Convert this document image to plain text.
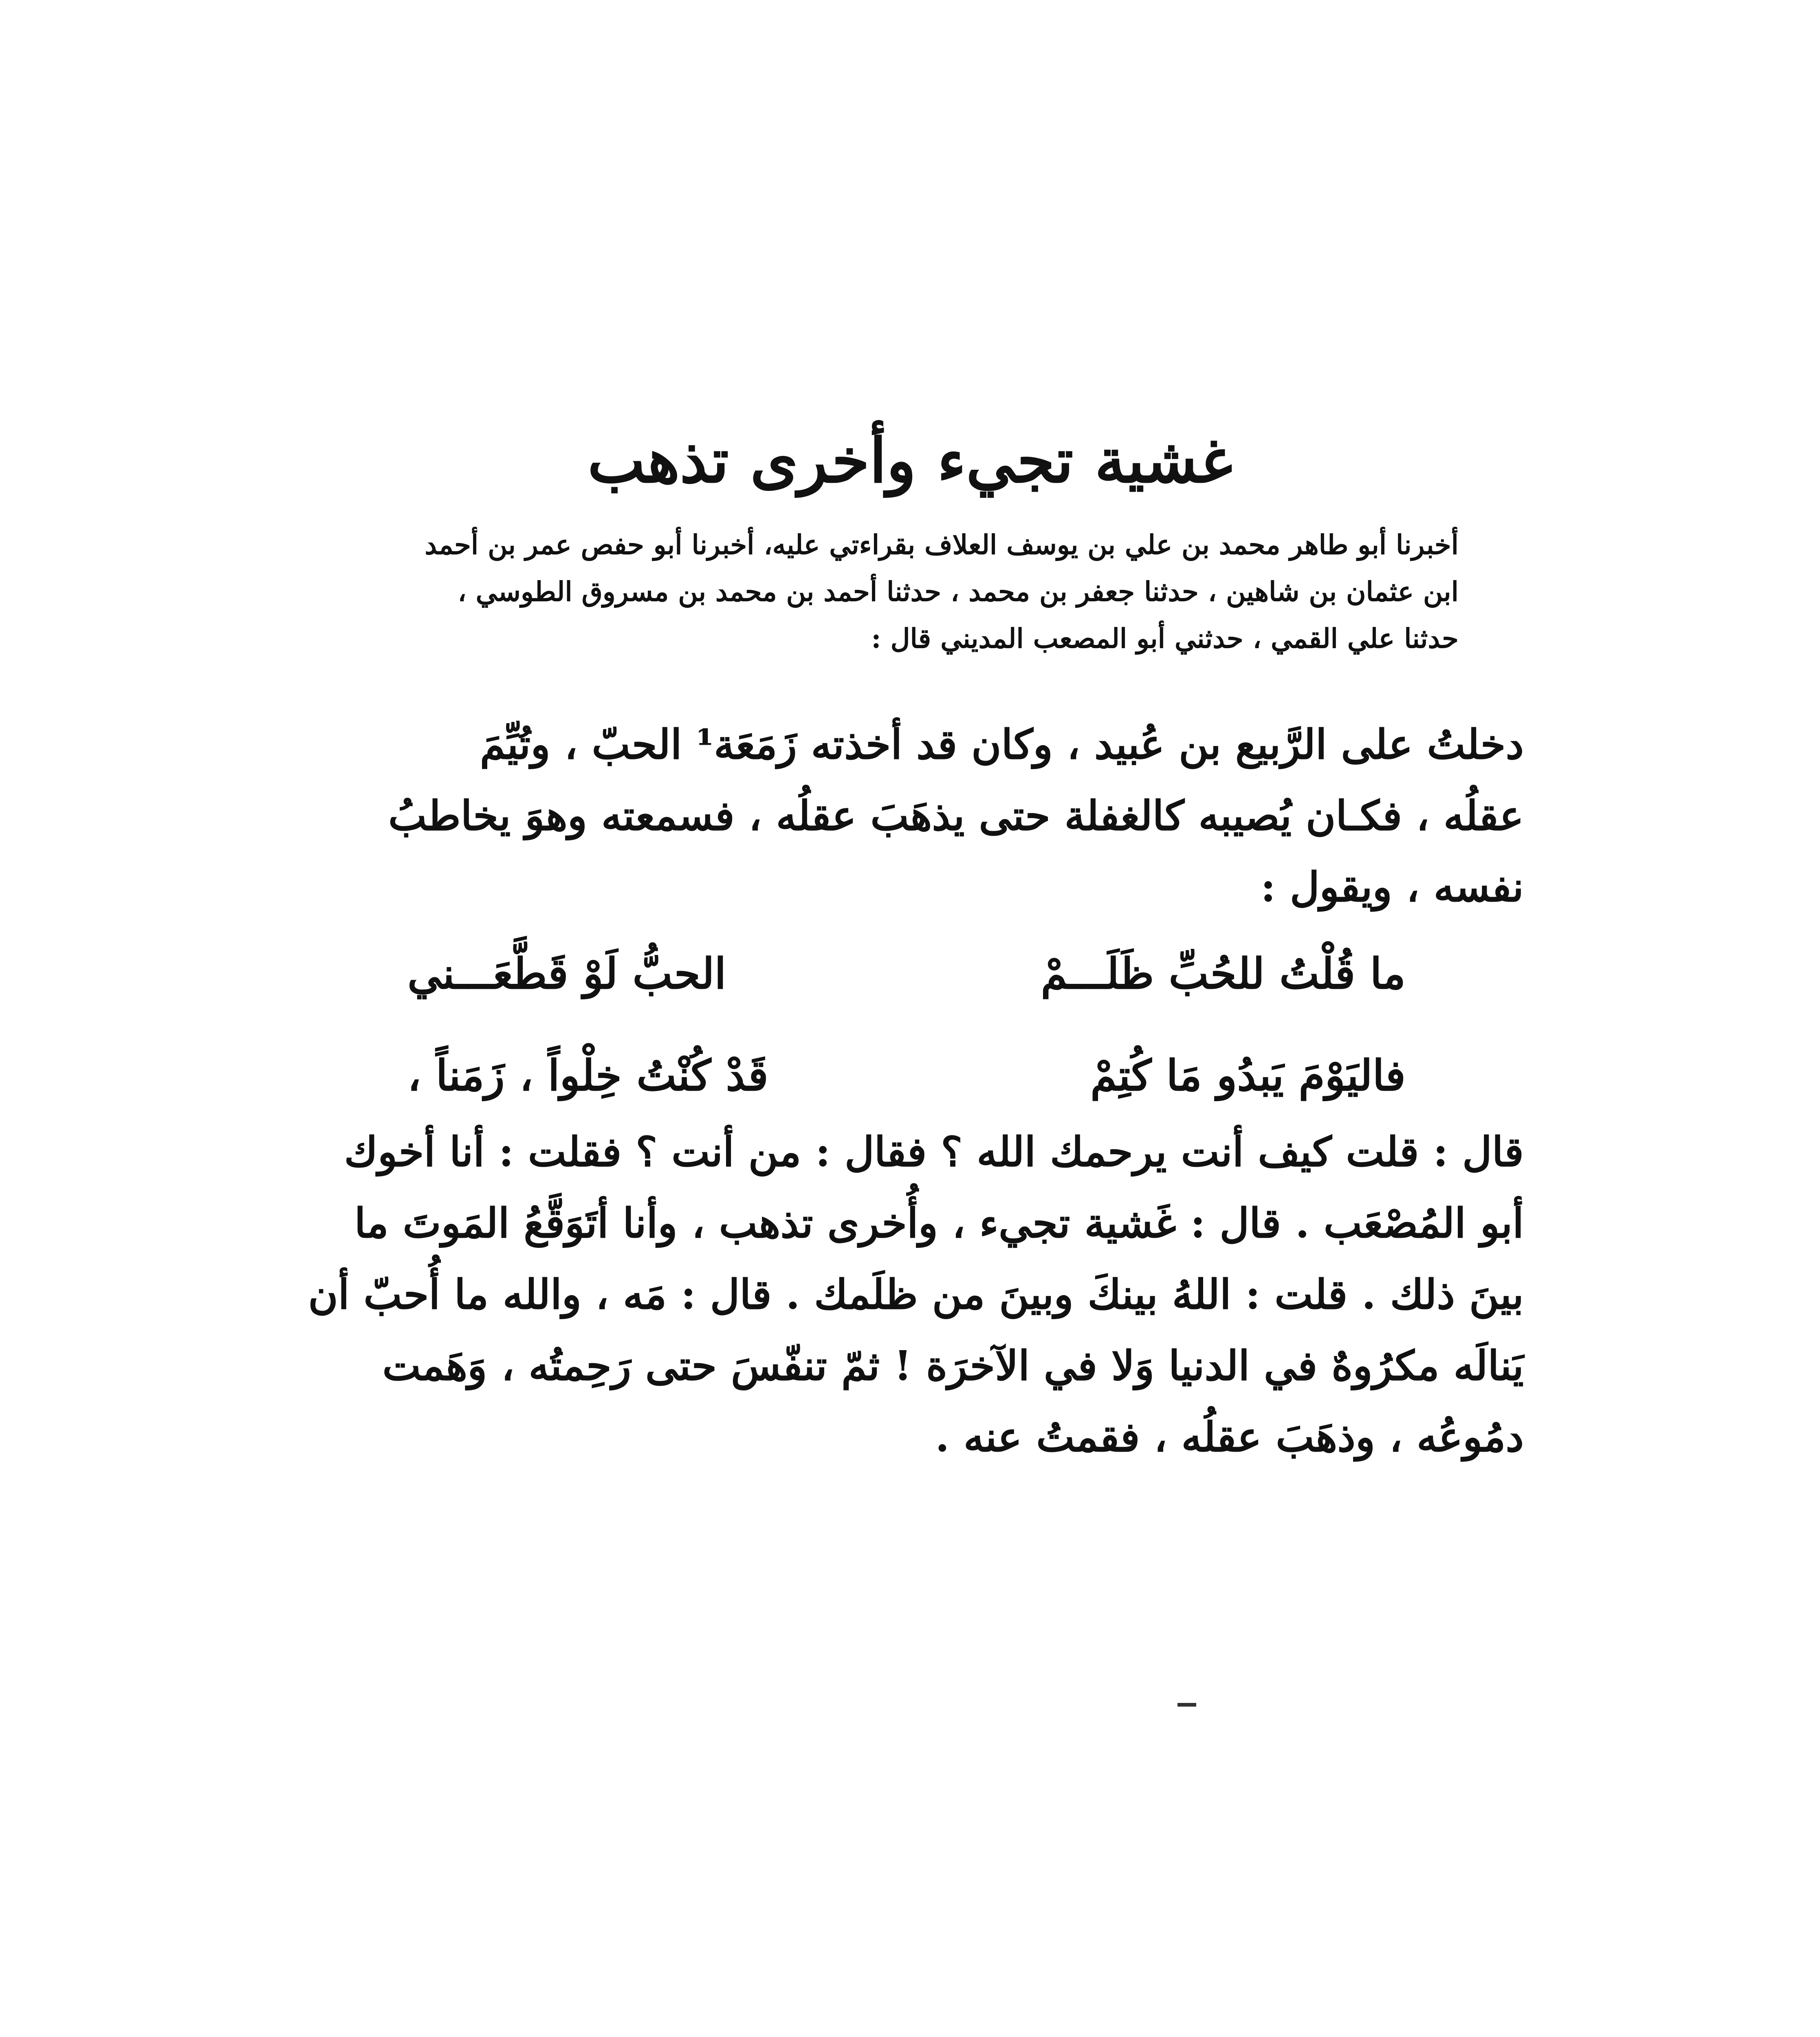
غشية تجيء وأخرى تذهب

أخبرنا أبو طاهر محمد بن علي بن يوسف العلاف بقراءتي عليه، أخبرنا أبو حفص عمر بن أحمد

ابن عثمان بن شاهين ، حدثنا جعفر بن محمد ، حدثنا أحمد بن محمد بن مسروق الطوسي ،

حدثنا علي القمي ، حدثني أبو المصعب المديني قال :

دخلتُ على الرَّبيع بن عُبيد ، وكان قد أخذته زَمَعَة¹ الحبّ ، وتُيِّمَ

عقلُه ، فكـان يُصيبه كالغفلة حتى يذهَبَ عقلُه ، فسمعته وهوَ يخاطبُ

نفسه ، ويقول :

الحبُّ لَوْ قَطَّعَـــني	ما قُلْتُ للحُبِّ ظَلَـــمْ
قَدْ كُنْتُ خِلْواً ، زَمَناً ،	فاليَوْمَ يَبدُو مَا كُتِمْ

قال : قلت كيف أنت يرحمك الله ؟ فقال : من أنت ؟ فقلت : أنا أخوك

أبو المُصْعَب . قال : غَشية تجيء ، وأُخرى تذهب ، وأنا أتَوَقَّعُ المَوتَ ما

بينَ ذلك . قلت : اللهُ بينكَ وبينَ من ظلَمك . قال : مَه ، والله ما أُحبّ أن

يَنالَه مكرُوهٌ في الدنيا وَلا في الآخرَة ! ثمّ تنفّسَ حتى رَحِمتُه ، وَهَمت

دمُوعُه ، وذهَبَ عقلُه ، فقمتُ عنه .
